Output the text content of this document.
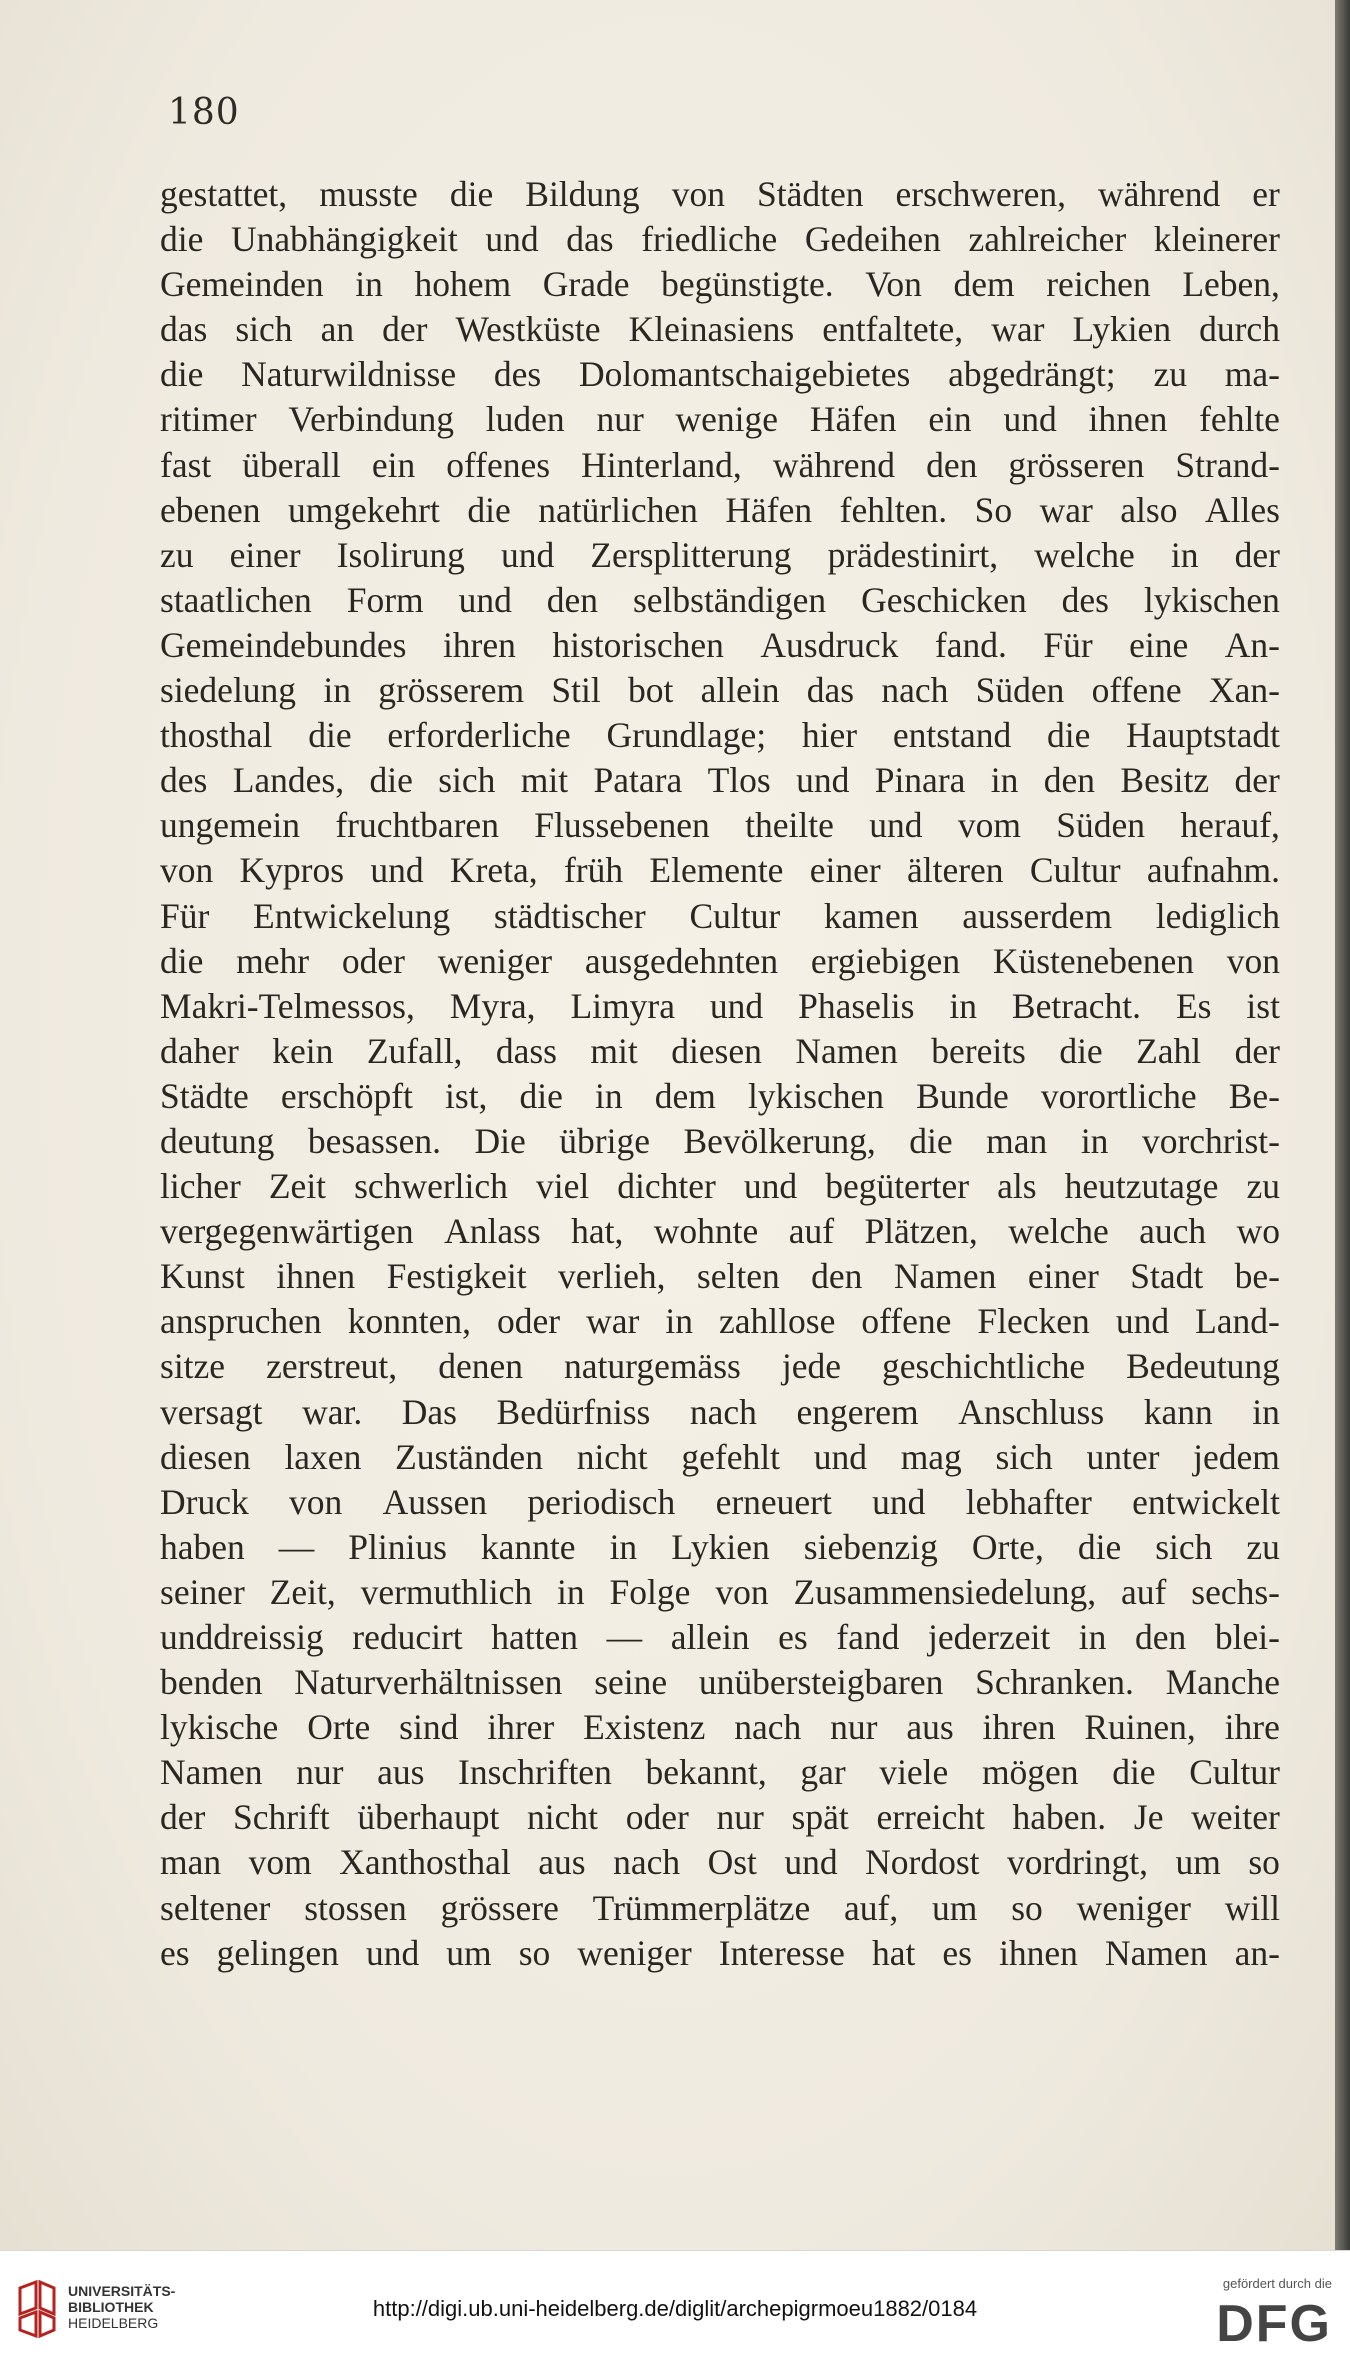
180
gestattet, musste die Bildung von Städten erschweren, während er
die Unabhängigkeit und das friedliche Gedeihen zahlreicher kleinerer
Gemeinden in hohem Grade begünstigte. Von dem reichen Leben,
das sich an der Westküste Kleinasiens entfaltete, war Lykien durch
die Naturwildnisse des Dolomantschaigebietes abgedrängt; zu ma-
ritimer Verbindung luden nur wenige Häfen ein und ihnen fehlte
fast überall ein offenes Hinterland, während den grösseren Strand-
ebenen umgekehrt die natürlichen Häfen fehlten. So war also Alles
zu einer Isolirung und Zersplitterung prädestinirt, welche in der
staatlichen Form und den selbständigen Geschicken des lykischen
Gemeindebundes ihren historischen Ausdruck fand. Für eine An-
siedelung in grösserem Stil bot allein das nach Süden offene Xan-
thosthal die erforderliche Grundlage; hier entstand die Hauptstadt
des Landes, die sich mit Patara Tlos und Pinara in den Besitz der
ungemein fruchtbaren Flussebenen theilte und vom Süden herauf,
von Kypros und Kreta, früh Elemente einer älteren Cultur aufnahm.
Für Entwickelung städtischer Cultur kamen ausserdem lediglich
die mehr oder weniger ausgedehnten ergiebigen Küstenebenen von
Makri-Telmessos, Myra, Limyra und Phaselis in Betracht. Es ist
daher kein Zufall, dass mit diesen Namen bereits die Zahl der
Städte erschöpft ist, die in dem lykischen Bunde vorortliche Be-
deutung besassen. Die übrige Bevölkerung, die man in vorchrist-
licher Zeit schwerlich viel dichter und begüterter als heutzutage zu
vergegenwärtigen Anlass hat, wohnte auf Plätzen, welche auch wo
Kunst ihnen Festigkeit verlieh, selten den Namen einer Stadt be-
anspruchen konnten, oder war in zahllose offene Flecken und Land-
sitze zerstreut, denen naturgemäss jede geschichtliche Bedeutung
versagt war. Das Bedürfniss nach engerem Anschluss kann in
diesen laxen Zuständen nicht gefehlt und mag sich unter jedem
Druck von Aussen periodisch erneuert und lebhafter entwickelt
haben — Plinius kannte in Lykien siebenzig Orte, die sich zu
seiner Zeit, vermuthlich in Folge von Zusammensiedelung, auf sechs-
unddreissig reducirt hatten — allein es fand jederzeit in den blei-
benden Naturverhältnissen seine unübersteigbaren Schranken. Manche
lykische Orte sind ihrer Existenz nach nur aus ihren Ruinen, ihre
Namen nur aus Inschriften bekannt, gar viele mögen die Cultur
der Schrift überhaupt nicht oder nur spät erreicht haben. Je weiter
man vom Xanthosthal aus nach Ost und Nordost vordringt, um so
seltener stossen grössere Trümmerplätze auf, um so weniger will
es gelingen und um so weniger Interesse hat es ihnen Namen an-
UNIVERSITÄTS-
BIBLIOTHEK
HEIDELBERG
http://digi.ub.uni-heidelberg.de/diglit/archepigrmoeu1882/0184
gefördert durch die
DFG
